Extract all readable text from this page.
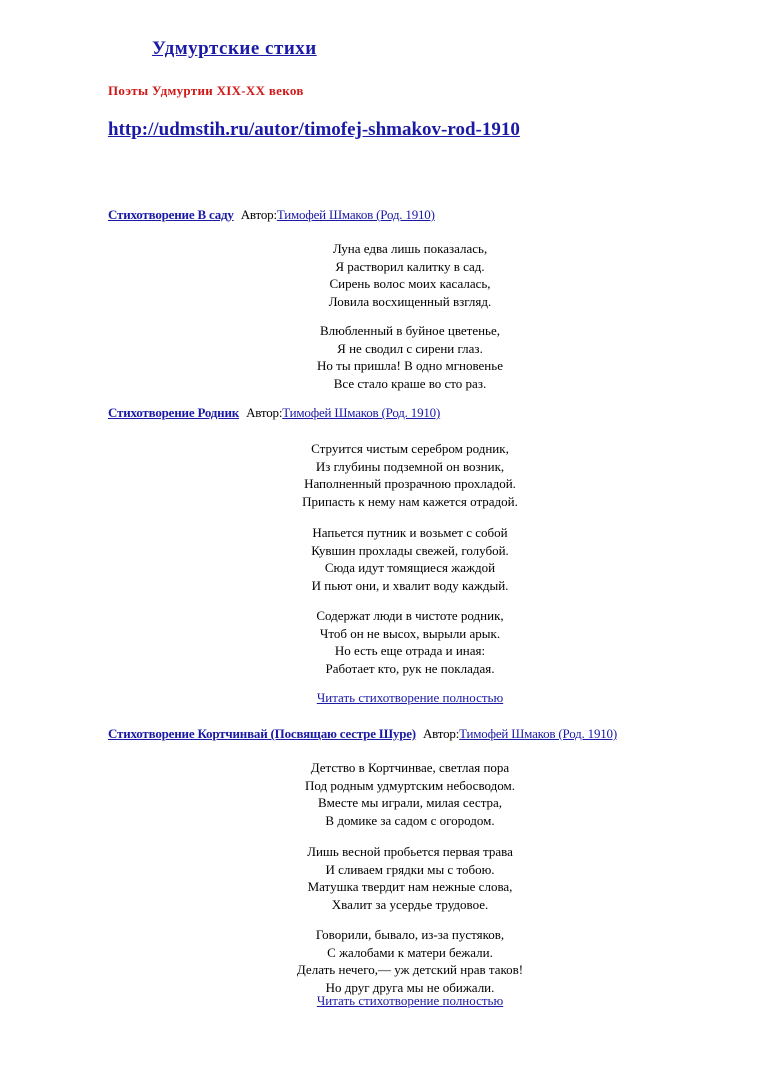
Удмуртские стихи
Поэты Удмуртии XIX-XX веков
http://udmstih.ru/autor/timofej-shmakov-rod-1910
Стихотворение В саду Автор:Тимофей Шмаков (Род. 1910)
Луна едва лишь показалась,
Я растворил калитку в сад.
Сирень волос моих касалась,
Ловила восхищенный взгляд.
Влюбленный в буйное цветенье,
Я не сводил с сирени глаз.
Но ты пришла! В одно мгновенье
Все стало краше во сто раз.
Стихотворение Родник Автор:Тимофей Шмаков (Род. 1910)
Струится чистым серебром родник,
Из глубины подземной он возник,
Наполненный прозрачною прохладой.
Припасть к нему нам кажется отрадой.
Напьется путник и возьмет с собой
Кувшин прохлады свежей, голубой.
Сюда идут томящиеся жаждой
И пьют они, и хвалит воду каждый.
Содержат люди в чистоте родник,
Чтоб он не высох, вырыли арык.
Но есть еще отрада и иная:
Работает кто, рук не покладая.
Читать стихотворение полностью
Стихотворение Кортчинвай (Посвящаю сестре Шуре) Автор:Тимофей Шмаков (Род. 1910)
Детство в Кортчинвае, светлая пора
Под родным удмуртским небосводом.
Вместе мы играли, милая сестра,
В домике за садом с огородом.
Лишь весной пробьется первая трава
И сливаем грядки мы с тобою.
Матушка твердит нам нежные слова,
Хвалит за усердье трудовое.
Говорили, бывало, из-за пустяков,
С жалобами к матери бежали.
Делать нечего,— уж детский нрав таков!
Но друг друга мы не обижали.
Читать стихотворение полностью
